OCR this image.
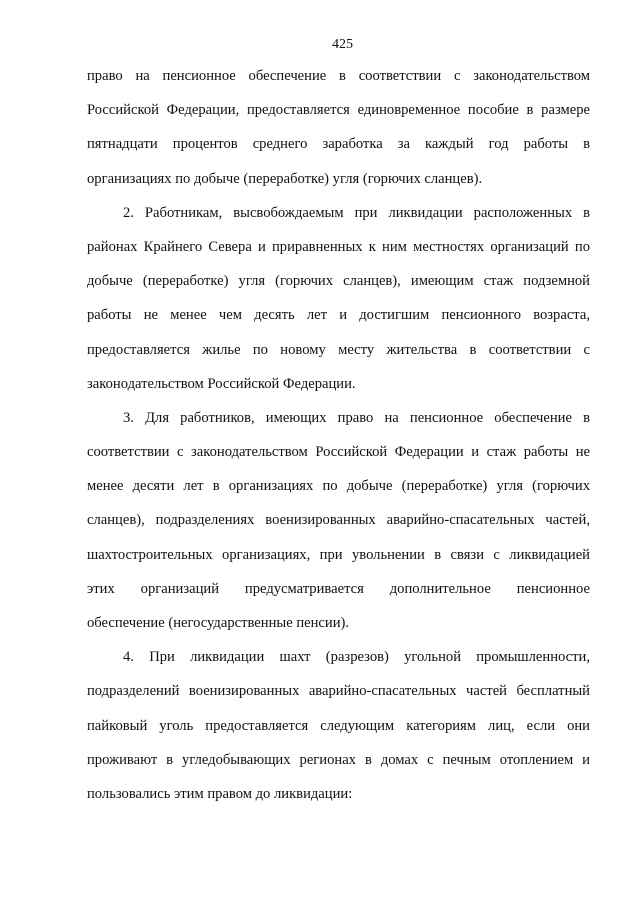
425
право на пенсионное обеспечение в соответствии с законодательством
Российской Федерации, предоставляется единовременное пособие в размере
пятнадцати процентов среднего заработка за каждый год работы в
организациях по добыче (переработке) угля (горючих сланцев).
2. Работникам, высвобождаемым при ликвидации расположенных в
районах Крайнего Севера и приравненных к ним местностях организаций по
добыче (переработке) угля (горючих сланцев), имеющим стаж подземной
работы не менее чем десять лет и достигшим пенсионного возраста,
предоставляется жилье по новому месту жительства в соответствии с
законодательством Российской Федерации.
3. Для работников, имеющих право на пенсионное обеспечение в
соответствии с законодательством Российской Федерации и стаж работы не
менее десяти лет в организациях по добыче (переработке) угля (горючих
сланцев), подразделениях военизированных аварийно-спасательных частей,
шахтостроительных организациях, при увольнении в связи с ликвидацией
этих организаций предусматривается дополнительное пенсионное
обеспечение (негосударственные пенсии).
4. При ликвидации шахт (разрезов) угольной промышленности,
подразделений военизированных аварийно-спасательных частей бесплатный
пайковый уголь предоставляется следующим категориям лиц, если они
проживают в угледобывающих регионах в домах с печным отоплением и
пользовались этим правом до ликвидации:
